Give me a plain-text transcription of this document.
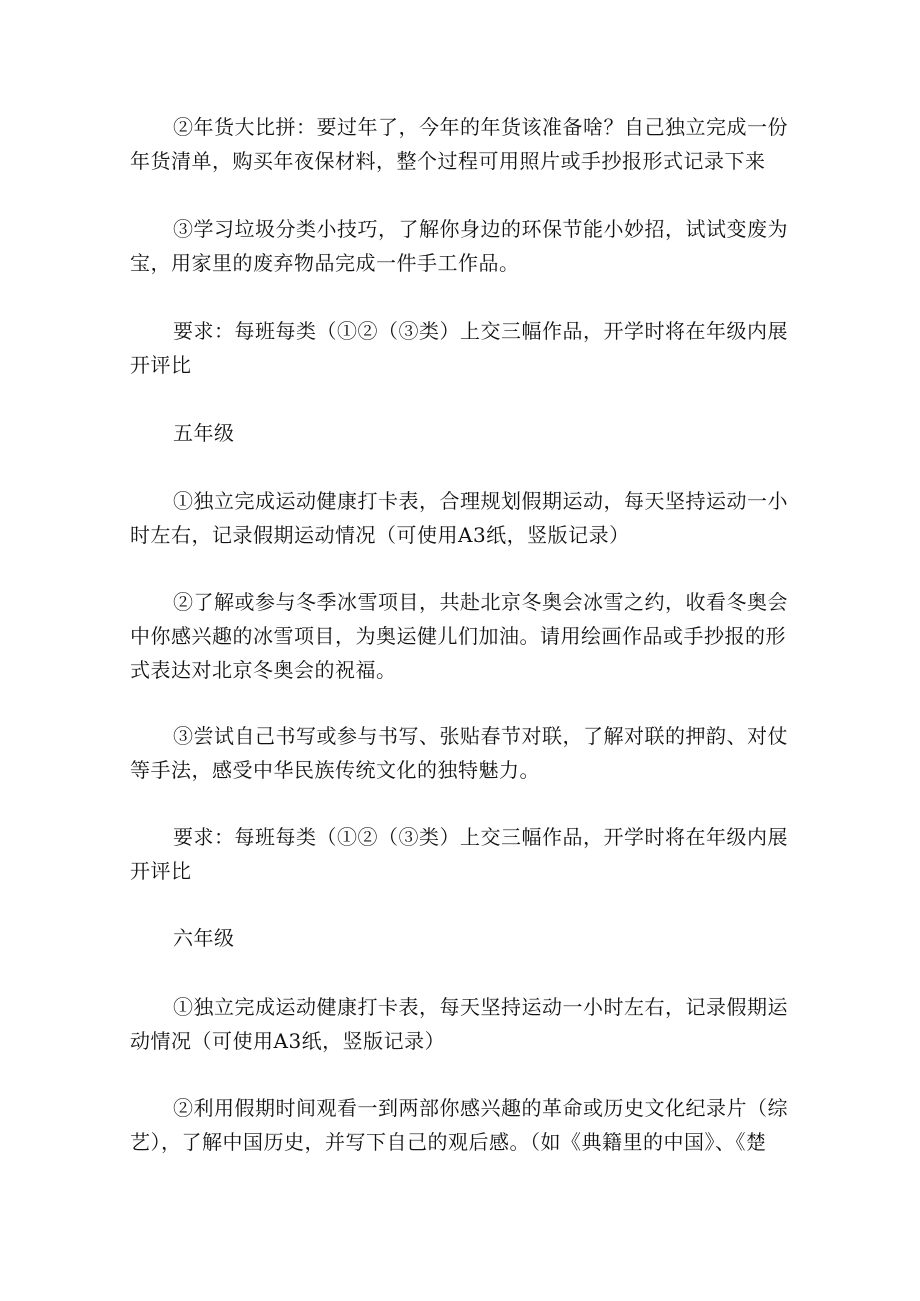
②年货大比拼：要过年了，今年的年货该准备啥？自己独立完成一份年货清单，购买年夜保材料，整个过程可用照片或手抄报形式记录下来

③学习垃圾分类小技巧，了解你身边的环保节能小妙招，试试变废为宝，用家里的废弃物品完成一件手工作品。

要求：每班每类（①②（③类）上交三幅作品，开学时将在年级内展开评比

五年级

①独立完成运动健康打卡表，合理规划假期运动，每天坚持运动一小时左右，记录假期运动情况（可使用A3纸，竖版记录）

②了解或参与冬季冰雪项目，共赴北京冬奥会冰雪之约，收看冬奥会中你感兴趣的冰雪项目，为奥运健儿们加油。请用绘画作品或手抄报的形式表达对北京冬奥会的祝福。

③尝试自己书写或参与书写、张贴春节对联，了解对联的押韵、对仗等手法，感受中华民族传统文化的独特魅力。

要求：每班每类（①②（③类）上交三幅作品，开学时将在年级内展开评比

六年级

①独立完成运动健康打卡表，每天坚持运动一小时左右，记录假期运动情况（可使用A3纸，竖版记录）

②利用假期时间观看一到两部你感兴趣的革命或历史文化纪录片（综艺），了解中国历史，并写下自己的观后感。（如《典籍里的中国》、《楚
